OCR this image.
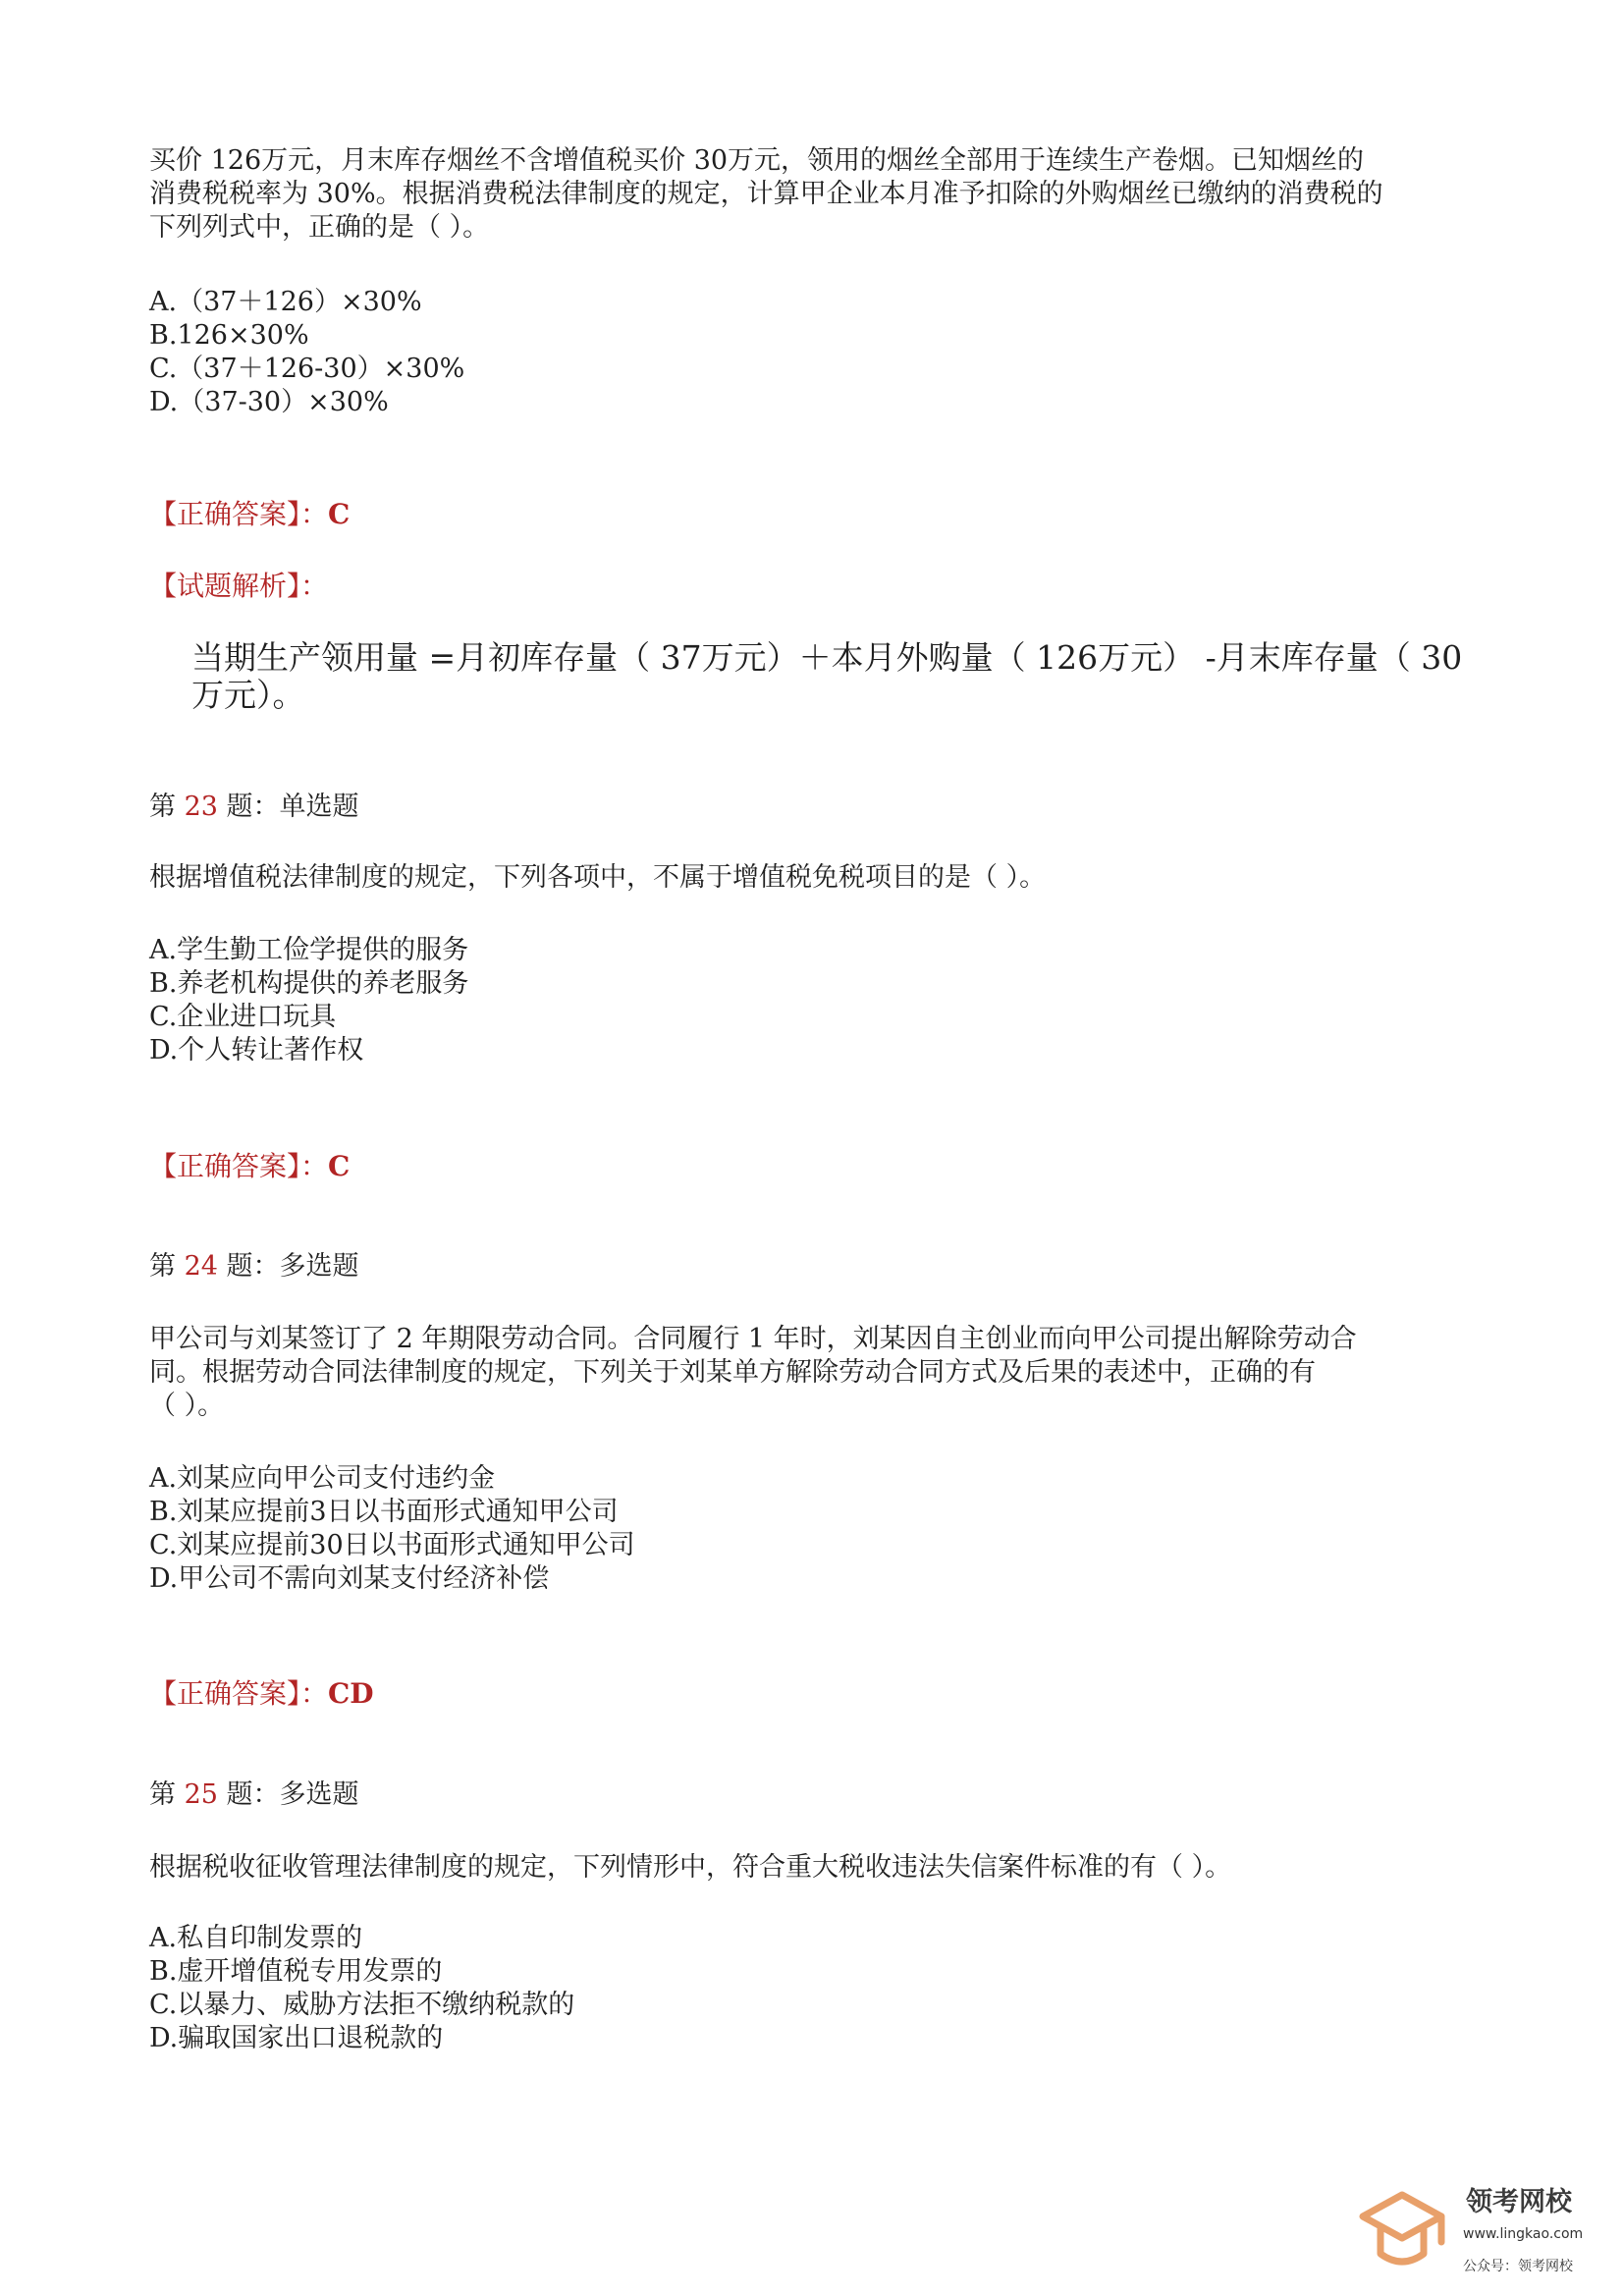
买价 126万元，月末库存烟丝不含增值税买价 30万元，领用的烟丝全部用于连续生产卷烟。已知烟丝的
消费税税率为 30%。根据消费税法律制度的规定，计算甲企业本月准予扣除的外购烟丝已缴纳的消费税的
下列列式中，正确的是（ ）。
A.（37＋126）×30%
B.126×30%
C.（37＋126-30）×30%
D.（37-30）×30%
【正确答案】：C
【试题解析】：
当期生产领用量 =月初库存量（ 37万元）＋本月外购量（ 126万元） -月末库存量（ 30
万元）。
第 23 题：单选题
根据增值税法律制度的规定，下列各项中，不属于增值税免税项目的是（ ）。
A.学生勤工俭学提供的服务
B.养老机构提供的养老服务
C.企业进口玩具
D.个人转让著作权
【正确答案】：C
第 24 题：多选题
甲公司与刘某签订了 2 年期限劳动合同。合同履行 1 年时，刘某因自主创业而向甲公司提出解除劳动合
同。根据劳动合同法律制度的规定，下列关于刘某单方解除劳动合同方式及后果的表述中，正确的有
（ ）。
A.刘某应向甲公司支付违约金
B.刘某应提前3日以书面形式通知甲公司
C.刘某应提前30日以书面形式通知甲公司
D.甲公司不需向刘某支付经济补偿
【正确答案】：CD
第 25 题：多选题
根据税收征收管理法律制度的规定，下列情形中，符合重大税收违法失信案件标准的有（ ）。
A.私自印制发票的
B.虚开增值税专用发票的
C.以暴力、威胁方法拒不缴纳税款的
D.骗取国家出口退税款的
领考网校
www.lingkao.com
公众号：领考网校
